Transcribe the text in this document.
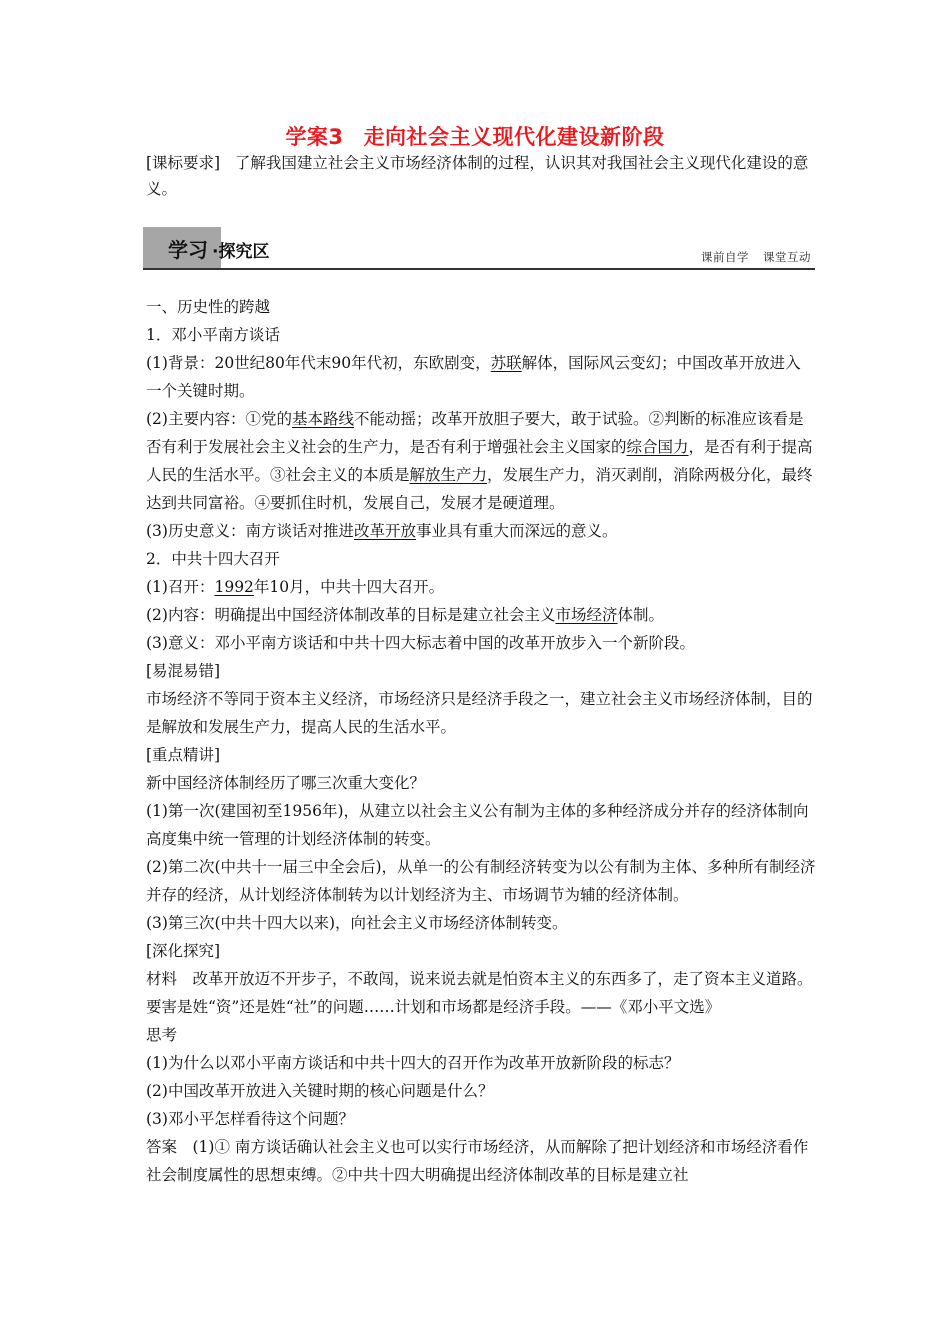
学案3 走向社会主义现代化建设新阶段
[课标要求] 了解我国建立社会主义市场经济体制的过程，认识其对我国社会主义现代化建设的意义。
学习 ·探究区	课前自学 课堂互动

一、历史性的跨越

1．邓小平南方谈话

(1)背景：20世纪80年代末90年代初，东欧剧变，苏联解体，国际风云变幻；中国改革开放进入一个关键时期。

(2)主要内容：①党的基本路线不能动摇；改革开放胆子要大，敢于试验。②判断的标准应该看是否有利于发展社会主义社会的生产力，是否有利于增强社会主义国家的综合国力，是否有利于提高人民的生活水平。③社会主义的本质是解放生产力，发展生产力，消灭剥削，消除两极分化，最终达到共同富裕。④要抓住时机，发展自己，发展才是硬道理。

(3)历史意义：南方谈话对推进改革开放事业具有重大而深远的意义。

2．中共十四大召开

(1)召开：1992年10月，中共十四大召开。

(2)内容：明确提出中国经济体制改革的目标是建立社会主义市场经济体制。

(3)意义：邓小平南方谈话和中共十四大标志着中国的改革开放步入一个新阶段。

[易混易错]

市场经济不等同于资本主义经济，市场经济只是经济手段之一，建立社会主义市场经济体制，目的是解放和发展生产力，提高人民的生活水平。

[重点精讲]

新中国经济体制经历了哪三次重大变化？

(1)第一次(建国初至1956年)，从建立以社会主义公有制为主体的多种经济成分并存的经济体制向高度集中统一管理的计划经济体制的转变。

(2)第二次(中共十一届三中全会后)，从单一的公有制经济转变为以公有制为主体、多种所有制经济并存的经济，从计划经济体制转为以计划经济为主、市场调节为辅的经济体制。

(3)第三次(中共十四大以来)，向社会主义市场经济体制转变。

[深化探究]

材料　改革开放迈不开步子，不敢闯，说来说去就是怕资本主义的东西多了，走了资本主义道路。要害是姓“资”还是姓“社”的问题……计划和市场都是经济手段。——《邓小平文选》

思考

(1)为什么以邓小平南方谈话和中共十四大的召开作为改革开放新阶段的标志？

(2)中国改革开放进入关键时期的核心问题是什么？

(3)邓小平怎样看待这个问题？

答案　(1)① 南方谈话确认社会主义也可以实行市场经济，从而解除了把计划经济和市场经济看作社会制度属性的思想束缚。②中共十四大明确提出经济体制改革的目标是建立社
